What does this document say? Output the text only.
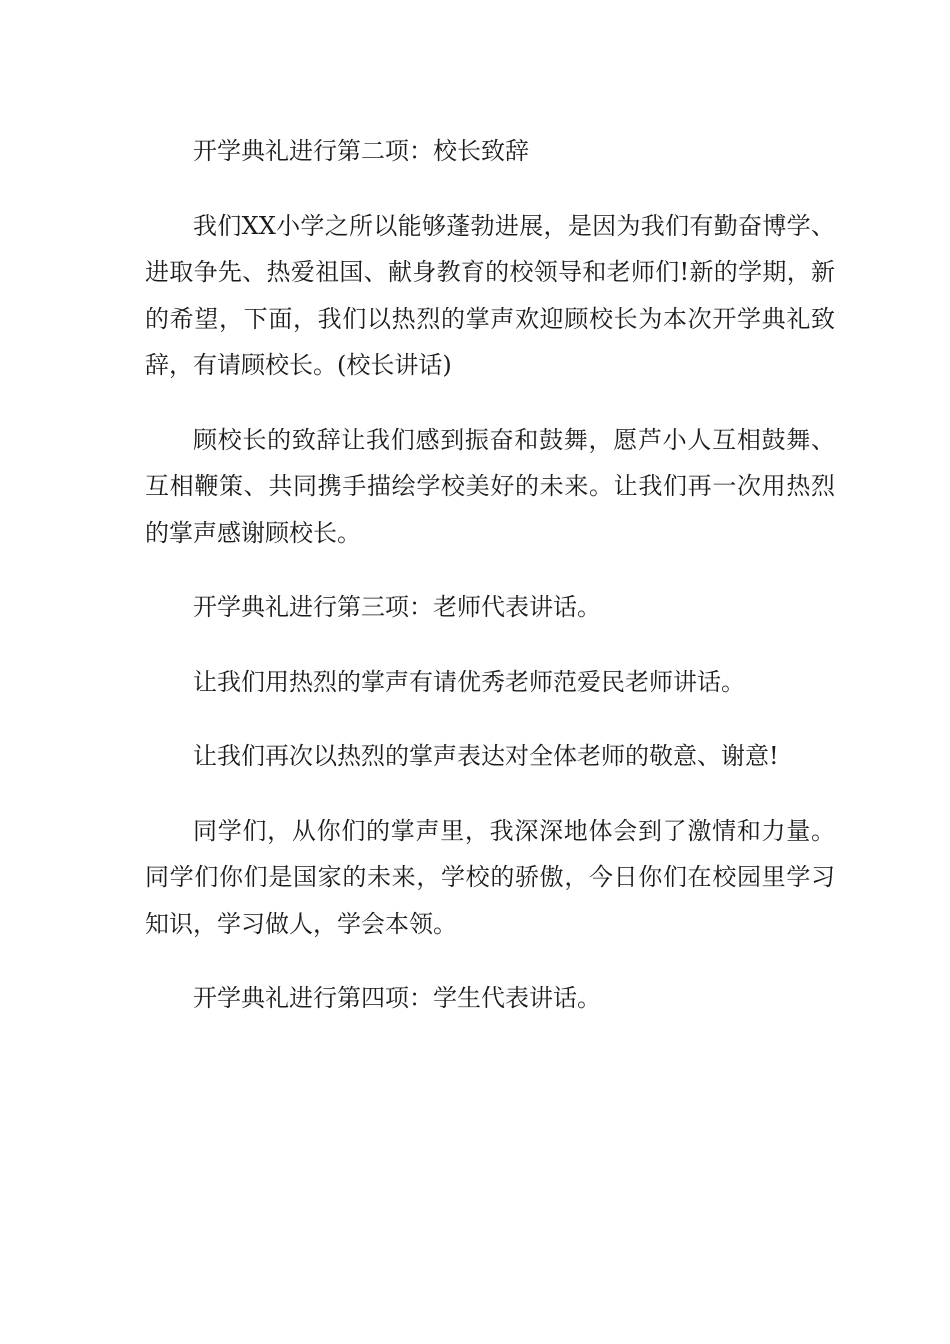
开学典礼进行第二项：校长致辞

我们XX小学之所以能够蓬勃进展，是因为我们有勤奋博学、进取争先、热爱祖国、献身教育的校领导和老师们!新的学期，新的希望，下面，我们以热烈的掌声欢迎顾校长为本次开学典礼致辞，有请顾校长。(校长讲话)

顾校长的致辞让我们感到振奋和鼓舞，愿芦小人互相鼓舞、互相鞭策、共同携手描绘学校美好的未来。让我们再一次用热烈的掌声感谢顾校长。

开学典礼进行第三项：老师代表讲话。

让我们用热烈的掌声有请优秀老师范爱民老师讲话。

让我们再次以热烈的掌声表达对全体老师的敬意、谢意!

同学们，从你们的掌声里，我深深地体会到了激情和力量。同学们你们是国家的未来，学校的骄傲，今日你们在校园里学习知识，学习做人，学会本领。

开学典礼进行第四项：学生代表讲话。
